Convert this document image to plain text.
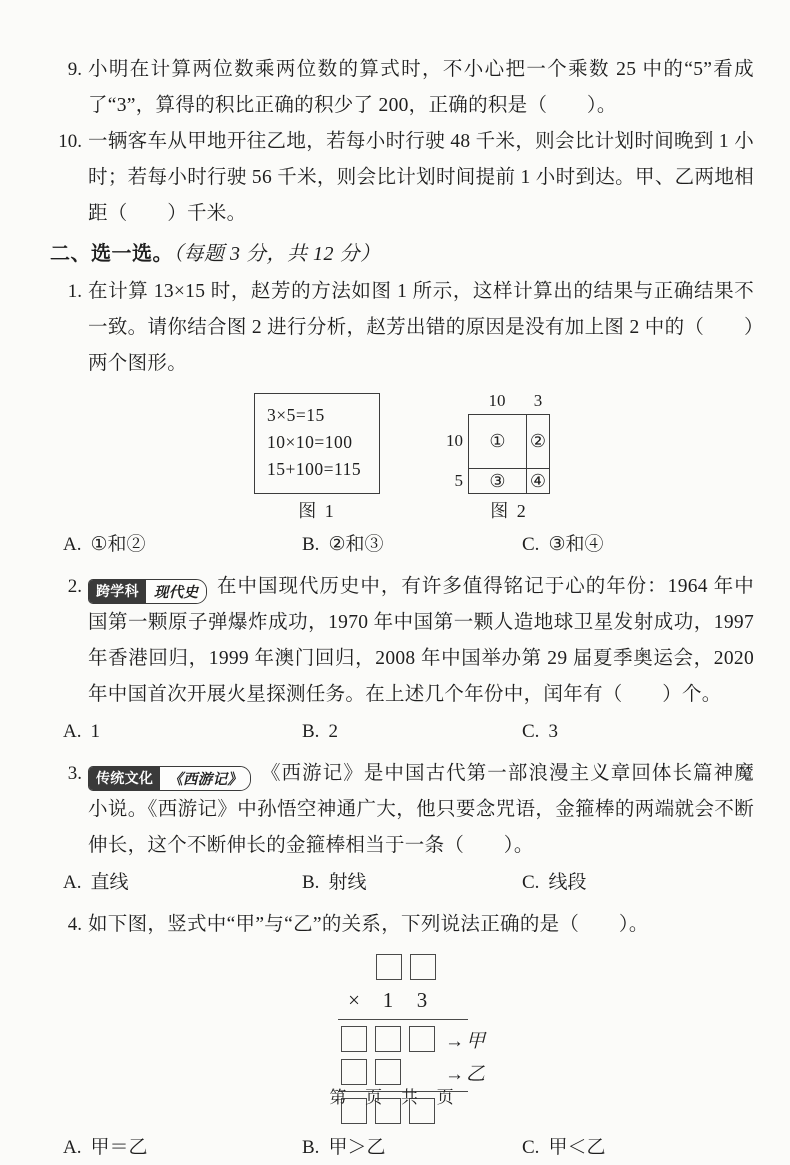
9. 小明在计算两位数乘两位数的算式时，不小心把一个乘数 25 中的“5”看成了“3”，算得的积比正确的积少了 200，正确的积是（　　）。
10. 一辆客车从甲地开往乙地，若每小时行驶 48 千米，则会比计划时间晚到 1 小时；若每小时行驶 56 千米，则会比计划时间提前 1 小时到达。甲、乙两地相距（　　）千米。
二、选一选。（每题 3 分，共 12 分）
1. 在计算 13×15 时，赵芳的方法如图 1 所示，这样计算出的结果与正确结果不一致。请你结合图 2 进行分析，赵芳出错的原因是没有加上图 2 中的（　　）两个图形。
3×5=15
10×10=100
15+100=115
图 1
10	3
10	①	②
5	③	④
图 2
A. ①和②	B. ②和③	C. ③和④
2.	跨学科	现代史 在中国现代历史中，有许多值得铭记于心的年份：1964 年中国第一颗原子弹爆炸成功，1970 年中国第一颗人造地球卫星发射成功，1997 年香港回归，1999 年澳门回归，2008 年中国举办第 29 届夏季奥运会，2020 年中国首次开展火星探测任务。在上述几个年份中，闰年有（　　）个。
A. 1	B. 2	C. 3
3.	传统文化	《西游记》 《西游记》是中国古代第一部浪漫主义章回体长篇神魔小说。《西游记》中孙悟空神通广大，他只要念咒语，金箍棒的两端就会不断伸长，这个不断伸长的金箍棒相当于一条（　　）。
A. 直线	B. 射线	C. 线段
4. 如下图，竖式中“甲”与“乙”的关系，下列说法正确的是（　　）。
×	1	3
→ 甲
→ 乙
A. 甲＝乙	B. 甲＞乙	C. 甲＜乙
第 页 共 页
